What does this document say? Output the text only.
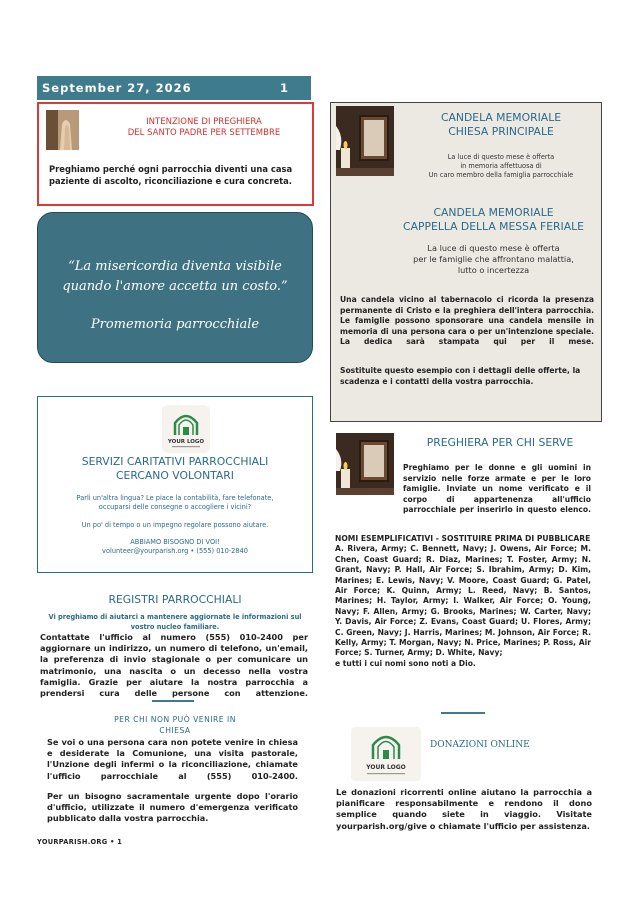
September 27, 2026	1
INTENZIONE DI PREGHIERA
DEL SANTO PADRE PER SETTEMBRE
Preghiamo perché ogni parrocchia diventi una casa paziente di ascolto, riconciliazione e cura concreta.
“La misericordia diventa visibile quando l'amore accetta un costo.”
Promemoria parrocchiale
CANDELA MEMORIALE
CHIESA PRINCIPALE
La luce di questo mese è offerta
in memoria affettuosa di
Un caro membro della famiglia parrocchiale
CANDELA MEMORIALE
CAPPELLA DELLA MESSA FERIALE
La luce di questo mese è offerta
per le famiglie che affrontano malattia,
lutto o incertezza
Una candela vicino al tabernacolo ci ricorda la presenza permanente di Cristo e la preghiera dell'intera parrocchia. Le famiglie possono sponsorare una candela mensile in memoria di una persona cara o per un'intenzione speciale. La dedica sarà stampata qui per il mese.
Sostituite questo esempio con i dettagli delle offerte, la scadenza e i contatti della vostra parrocchia.
YOUR LOGO
SERVIZI CARITATIVI PARROCCHIALI
CERCANO VOLONTARI
Parli un'altra lingua? Le piace la contabilità, fare telefonate,
occuparsi delle consegne o accogliere i vicini?
Un po' di tempo o un impegno regolare possono aiutare.
ABBIAMO BISOGNO DI VOI!
volunteer@yourparish.org • (555) 010-2840
PREGHIERA PER CHI SERVE
Preghiamo per le donne e gli uomini in servizio nelle forze armate e per le loro famiglie. Inviate un nome verificato e il corpo di appartenenza all'ufficio parrocchiale per inserirlo in questo elenco.
NOMI ESEMPLIFICATIVI - SOSTITUIRE PRIMA DI PUBBLICARE
A. Rivera, Army; C. Bennett, Navy; J. Owens, Air Force; M. Chen, Coast Guard; R. Diaz, Marines; T. Foster, Army; N. Grant, Navy; P. Hall, Air Force; S. Ibrahim, Army; D. Kim, Marines; E. Lewis, Navy; V. Moore, Coast Guard; G. Patel, Air Force; K. Quinn, Army; L. Reed, Navy; B. Santos, Marines; H. Taylor, Army; I. Walker, Air Force; O. Young, Navy; F. Allen, Army; G. Brooks, Marines; W. Carter, Navy; Y. Davis, Air Force; Z. Evans, Coast Guard; U. Flores, Army; C. Green, Navy; J. Harris, Marines; M. Johnson, Air Force; R. Kelly, Army; T. Morgan, Navy; N. Price, Marines; P. Ross, Air Force; S. Turner, Army; D. White, Navy;
e tutti i cui nomi sono noti a Dio.
REGISTRI PARROCCHIALI
Vi preghiamo di aiutarci a mantenere aggiornate le informazioni sul vostro nucleo familiare.
Contattate l'ufficio al numero (555) 010-2400 per aggiornare un indirizzo, un numero di telefono, un'email, la preferenza di invio stagionale o per comunicare un matrimonio, una nascita o un decesso nella vostra famiglia. Grazie per aiutare la nostra parrocchia a prendersi cura delle persone con attenzione.
PER CHI NON PUÒ VENIRE IN CHIESA
Se voi o una persona cara non potete venire in chiesa e desiderate la Comunione, una visita pastorale, l'Unzione degli infermi o la riconciliazione, chiamate l'ufficio parrocchiale al (555) 010-2400.
Per un bisogno sacramentale urgente dopo l'orario d'ufficio, utilizzate il numero d'emergenza verificato pubblicato dalla vostra parrocchia.
YOUR LOGO
DONAZIONI ONLINE
Le donazioni ricorrenti online aiutano la parrocchia a pianificare responsabilmente e rendono il dono semplice quando siete in viaggio. Visitate yourparish.org/give o chiamate l'ufficio per assistenza.
YOURPARISH.ORG • 1
